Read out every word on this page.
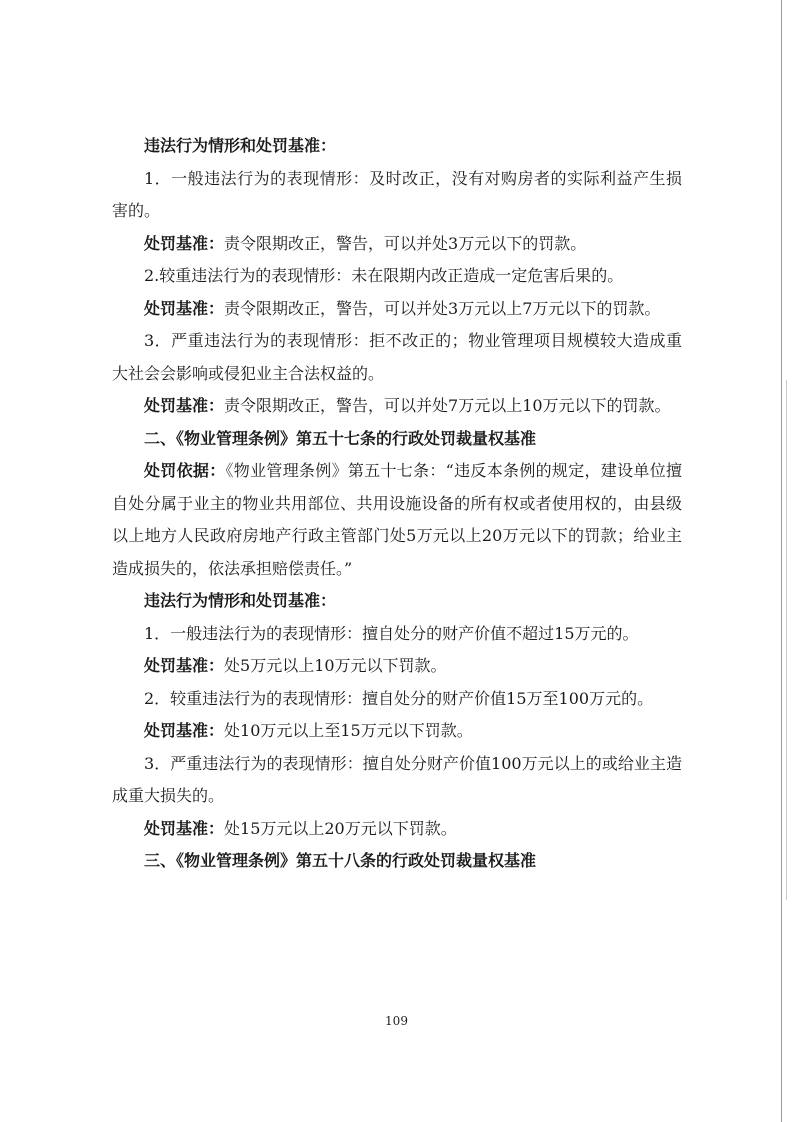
违法行为情形和处罚基准：

1．一般违法行为的表现情形：及时改正，没有对购房者的实际利益产生损害的。

处罚基准：责令限期改正，警告，可以并处3万元以下的罚款。

2.较重违法行为的表现情形：未在限期内改正造成一定危害后果的。

处罚基准：责令限期改正，警告，可以并处3万元以上7万元以下的罚款。

3．严重违法行为的表现情形：拒不改正的；物业管理项目规模较大造成重大社会会影响或侵犯业主合法权益的。

处罚基准：责令限期改正，警告，可以并处7万元以上10万元以下的罚款。

二、《物业管理条例》第五十七条的行政处罚裁量权基准

处罚依据：《物业管理条例》第五十七条：“违反本条例的规定，建设单位擅自处分属于业主的物业共用部位、共用设施设备的所有权或者使用权的，由县级以上地方人民政府房地产行政主管部门处5万元以上20万元以下的罚款；给业主造成损失的，依法承担赔偿责任。”

违法行为情形和处罚基准：

1．一般违法行为的表现情形：擅自处分的财产价值不超过15万元的。

处罚基准：处5万元以上10万元以下罚款。

2．较重违法行为的表现情形：擅自处分的财产价值15万至100万元的。

处罚基准：处10万元以上至15万元以下罚款。

3．严重违法行为的表现情形：擅自处分财产价值100万元以上的或给业主造成重大损失的。

处罚基准：处15万元以上20万元以下罚款。

三、《物业管理条例》第五十八条的行政处罚裁量权基准

109
